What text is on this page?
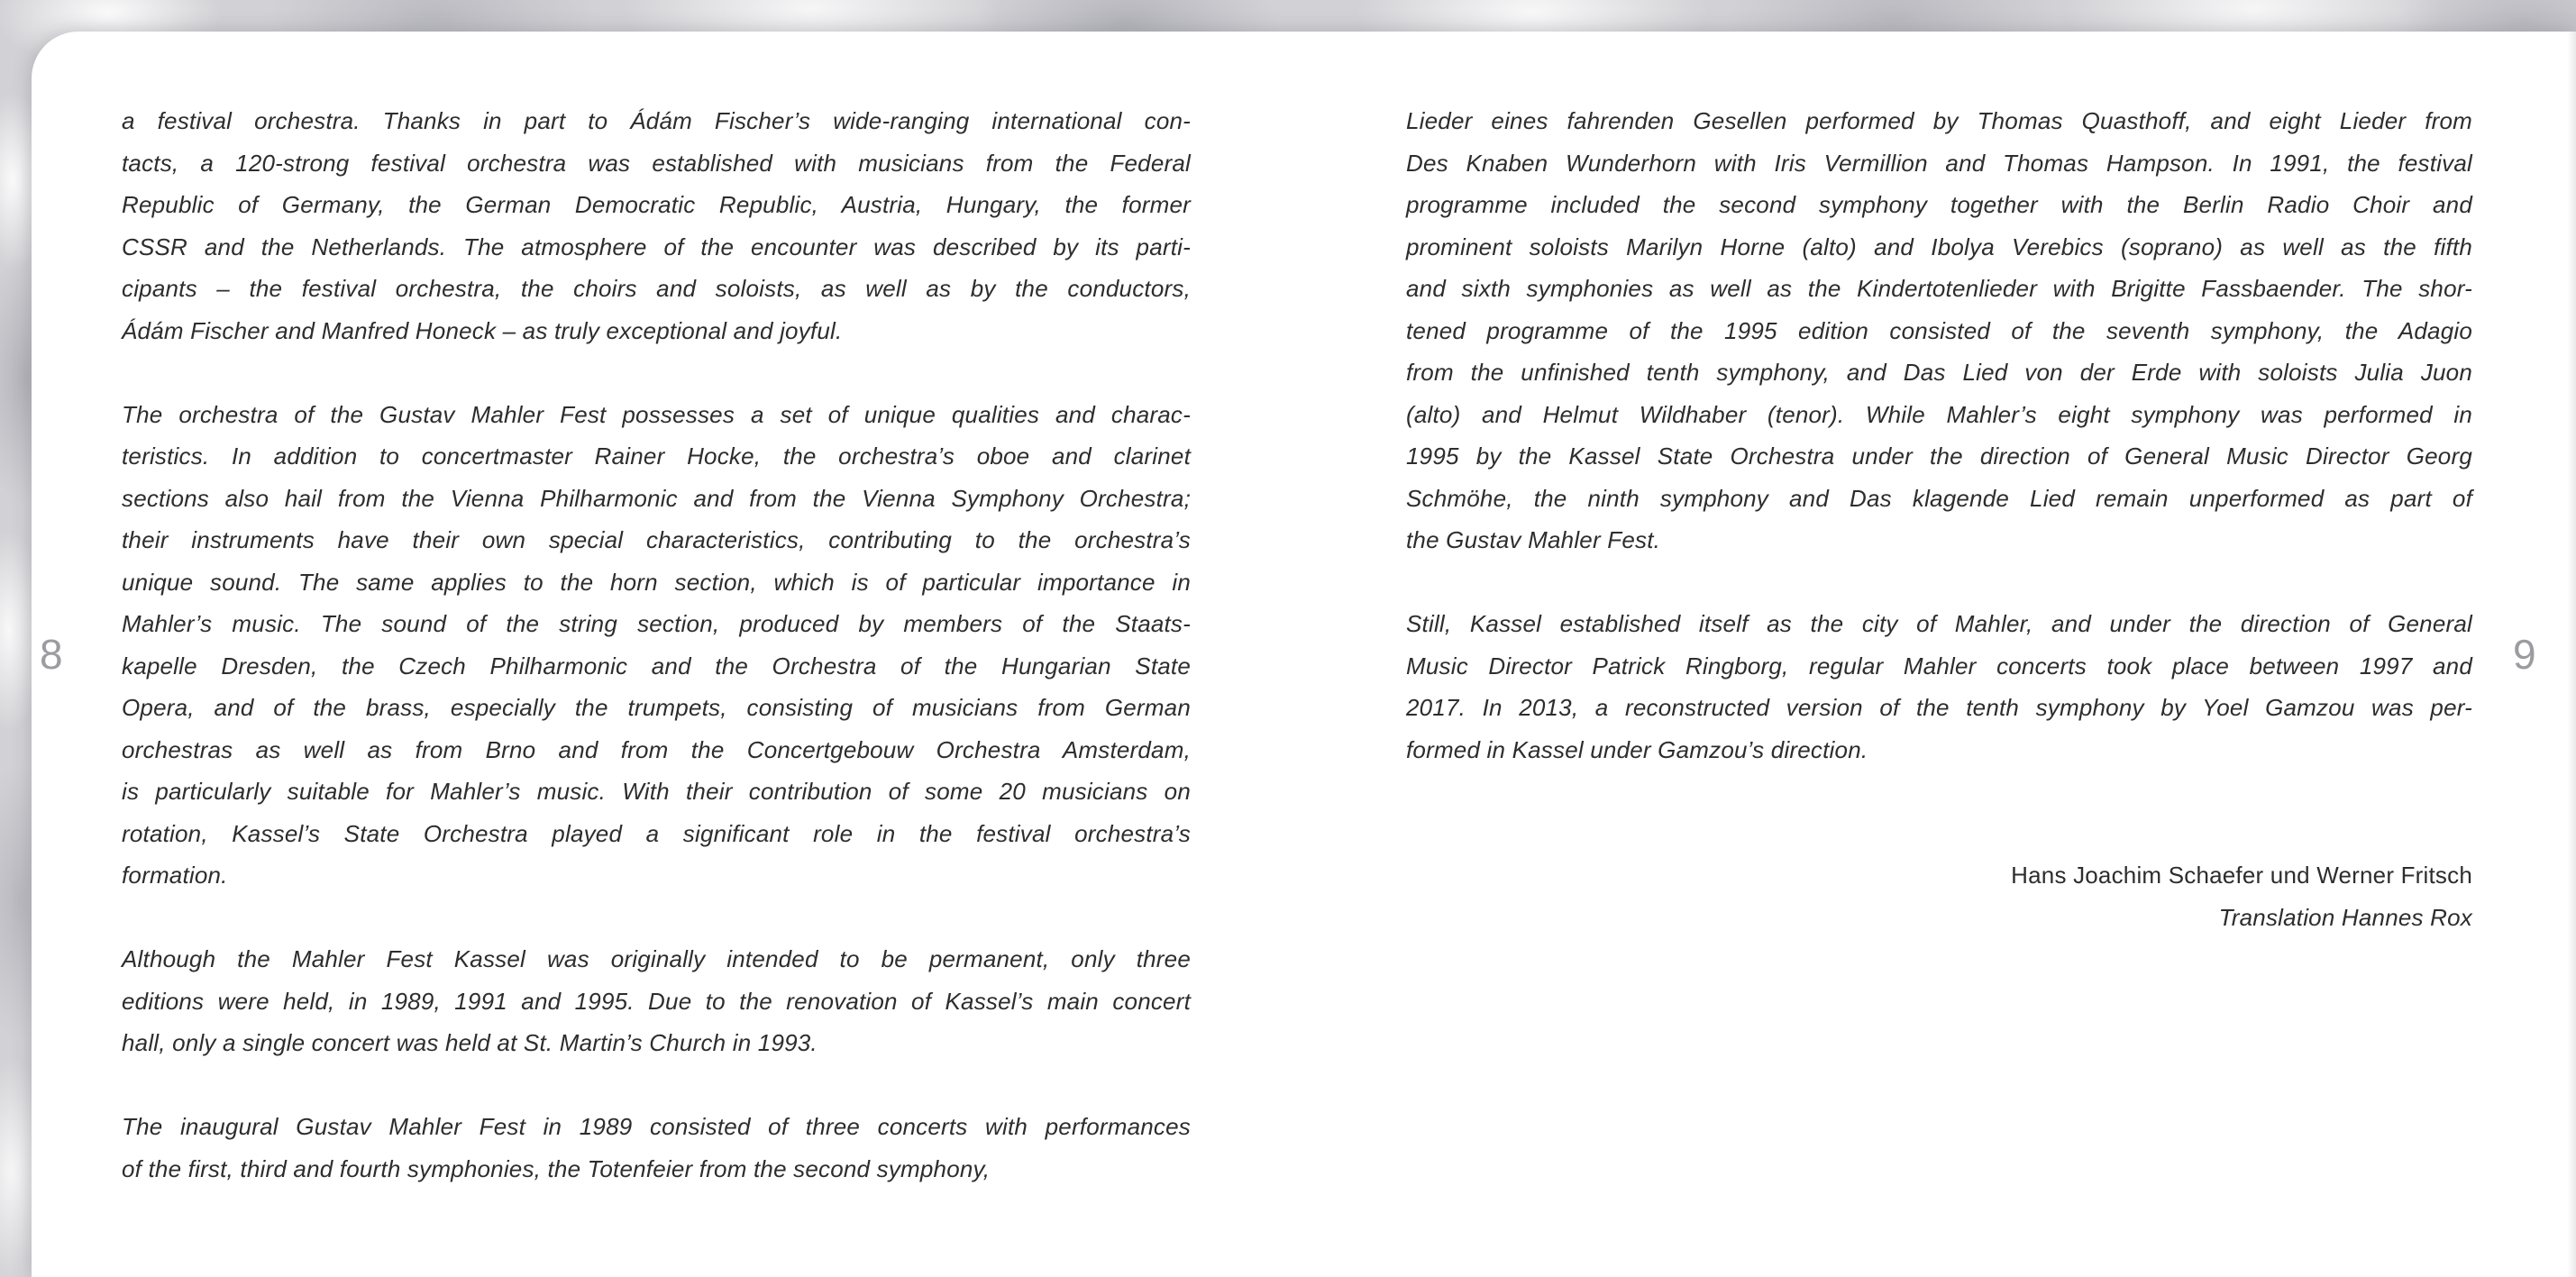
8	9
a festival orchestra. Thanks in part to Ádám Fischer’s wide-ranging international con-
tacts, a 120-strong festival orchestra was established with musicians from the Federal
Republic of Germany, the German Democratic Republic, Austria, Hungary, the former
CSSR and the Netherlands. The atmosphere of the encounter was described by its parti-
cipants – the festival orchestra, the choirs and soloists, as well as by the conductors,
Ádám Fischer and Manfred Honeck – as truly exceptional and joyful.
The orchestra of the Gustav Mahler Fest possesses a set of unique qualities and charac-
teristics. In addition to concertmaster Rainer Hocke, the orchestra’s oboe and clarinet
sections also hail from the Vienna Philharmonic and from the Vienna Symphony Orchestra;
their instruments have their own special characteristics, contributing to the orchestra’s
unique sound. The same applies to the horn section, which is of particular importance in
Mahler’s music. The sound of the string section, produced by members of the Staats-
kapelle Dresden, the Czech Philharmonic and the Orchestra of the Hungarian State
Opera, and of the brass, especially the trumpets, consisting of musicians from German
orchestras as well as from Brno and from the Concertgebouw Orchestra Amsterdam,
is particularly suitable for Mahler’s music. With their contribution of some 20 musicians on
rotation, Kassel’s State Orchestra played a significant role in the festival orchestra’s
formation.
Although the Mahler Fest Kassel was originally intended to be permanent, only three
editions were held, in 1989, 1991 and 1995. Due to the renovation of Kassel’s main concert
hall, only a single concert was held at St. Martin’s Church in 1993.
The inaugural Gustav Mahler Fest in 1989 consisted of three concerts with performances
of the first, third and fourth symphonies, the Totenfeier from the second symphony,
Lieder eines fahrenden Gesellen performed by Thomas Quasthoff, and eight Lieder from
Des Knaben Wunderhorn with Iris Vermillion and Thomas Hampson. In 1991, the festival
programme included the second symphony together with the Berlin Radio Choir and
prominent soloists Marilyn Horne (alto) and Ibolya Verebics (soprano) as well as the fifth
and sixth symphonies as well as the Kindertotenlieder with Brigitte Fassbaender. The shor-
tened programme of the 1995 edition consisted of the seventh symphony, the Adagio
from the unfinished tenth symphony, and Das Lied von der Erde with soloists Julia Juon
(alto) and Helmut Wildhaber (tenor). While Mahler’s eight symphony was performed in
1995 by the Kassel State Orchestra under the direction of General Music Director Georg
Schmöhe, the ninth symphony and Das klagende Lied remain unperformed as part of
the Gustav Mahler Fest.
Still, Kassel established itself as the city of Mahler, and under the direction of General
Music Director Patrick Ringborg, regular Mahler concerts took place between 1997 and
2017. In 2013, a reconstructed version of the tenth symphony by Yoel Gamzou was per-
formed in Kassel under Gamzou’s direction.
Hans Joachim Schaefer und Werner Fritsch
Translation Hannes Rox
